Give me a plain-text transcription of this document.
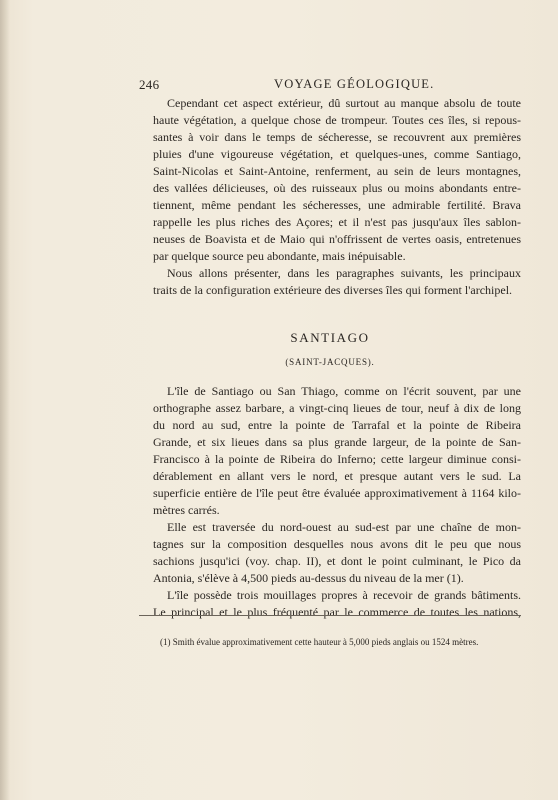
246	VOYAGE GÉOLOGIQUE.
Cependant cet aspect extérieur, dû surtout au manque absolu de toute
haute végétation, a quelque chose de trompeur. Toutes ces îles, si repous-
santes à voir dans le temps de sécheresse, se recouvrent aux premières
pluies d'une vigoureuse végétation, et quelques-unes, comme Santiago,
Saint-Nicolas et Saint-Antoine, renferment, au sein de leurs montagnes,
des vallées délicieuses, où des ruisseaux plus ou moins abondants entre-
tiennent, même pendant les sécheresses, une admirable fertilité. Brava
rappelle les plus riches des Açores; et il n'est pas jusqu'aux îles sablon-
neuses de Boavista et de Maio qui n'offrissent de vertes oasis, entretenues
par quelque source peu abondante, mais inépuisable.
Nous allons présenter, dans les paragraphes suivants, les principaux
traits de la configuration extérieure des diverses îles qui forment l'archipel.
SANTIAGO
(SAINT-JACQUES).
L'île de Santiago ou San Thiago, comme on l'écrit souvent, par une
orthographe assez barbare, a vingt-cinq lieues de tour, neuf à dix de long
du nord au sud, entre la pointe de Tarrafal et la pointe de Ribeira
Grande, et six lieues dans sa plus grande largeur, de la pointe de San-
Francisco à la pointe de Ribeira do Inferno; cette largeur diminue consi-
dérablement en allant vers le nord, et presque autant vers le sud. La
superficie entière de l'île peut être évaluée approximativement à 1164 kilo-
mètres carrés.
Elle est traversée du nord-ouest au sud-est par une chaîne de mon-
tagnes sur la composition desquelles nous avons dit le peu que nous
sachions jusqu'ici (voy. chap. II), et dont le point culminant, le Pico da
Antonia, s'élève à 4,500 pieds au-dessus du niveau de la mer (1).
L'île possède trois mouillages propres à recevoir de grands bâtiments.
Le principal et le plus fréquenté par le commerce de toutes les nations,
(1) Smith évalue approximativement cette hauteur à 5,000 pieds anglais ou 1524 mètres.
